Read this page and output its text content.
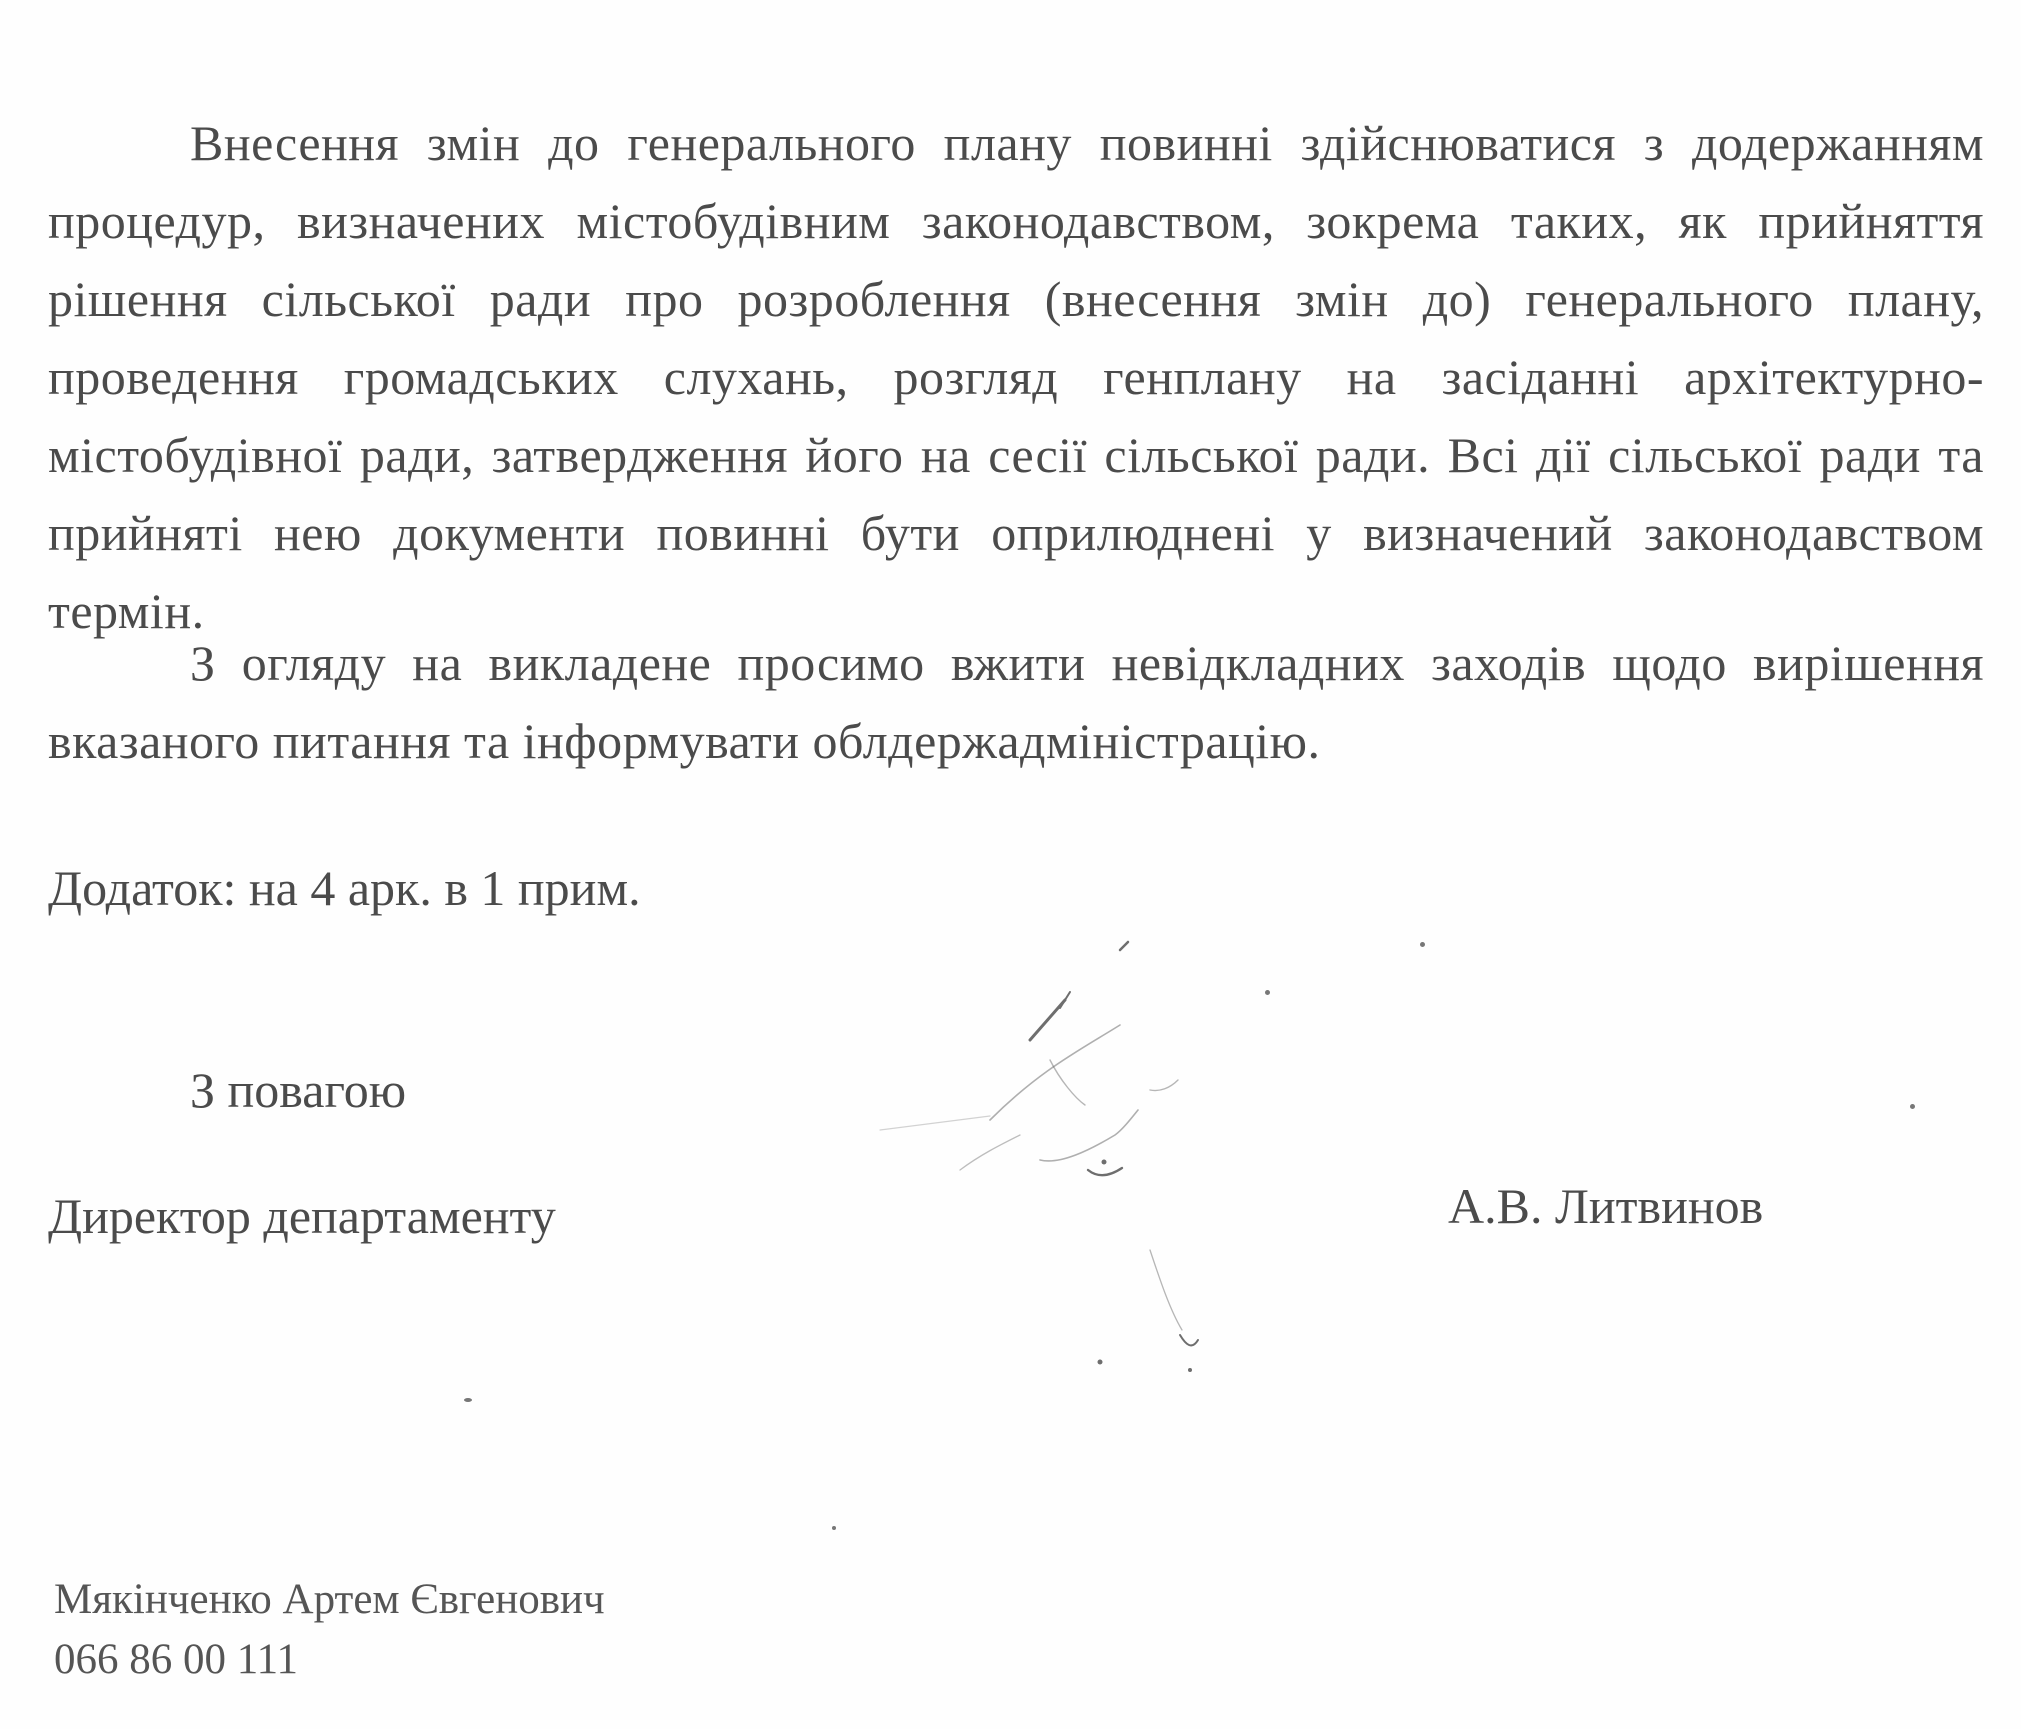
Внесення змін до генерального плану повинні здійснюватися з додержанням процедур, визначених містобудівним законодавством, зокрема таких, як прийняття рішення сільської ради про розроблення (внесення змін до) генерального плану, проведення громадських слухань, розгляд генплану на засіданні архітектурно-містобудівної ради, затвердження його на сесії сільської ради. Всі дії сільської ради та прийняті нею документи повинні бути оприлюднені у визначений законодавством термін.

З огляду на викладене просимо вжити невідкладних заходів щодо вирішення вказаного питання та інформувати облдержадміністрацію.

Додаток: на 4 арк. в 1 прим.
З повагою
Директор департаменту	А.В. Литвинов
Мякінченко Артем Євгенович
066 86 00 111
